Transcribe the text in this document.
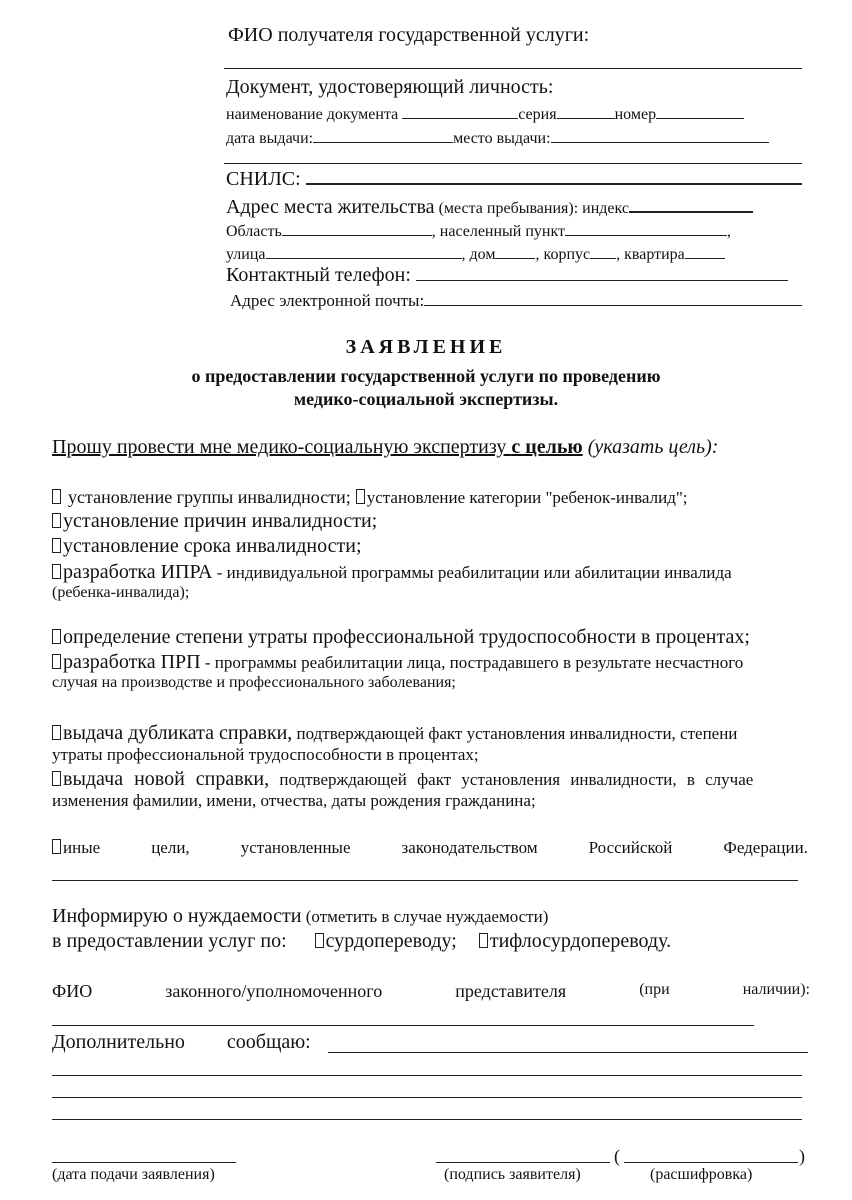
ФИО получателя государственной услуги:
Документ, удостоверяющий личность:
наименование документа	серия	номер
дата выдачи:	место выдачи:
СНИЛС:
Адрес места жительства (места пребывания): индекс
Область	, населенный пункт	,
улица	, дом	, корпус , квартира
Контактный телефон:
Адрес электронной почты:
ЗАЯВЛЕНИЕ
о предоставлении государственной услуги по проведению
медико-социальной экспертизы.
Прошу провести мне медико-социальную экспертизу с целью (указать цель):
установление группы инвалидности; установление категории "ребенок-инвалид";
установление причин инвалидности;
установление срока инвалидности;
разработка ИПРА - индивидуальной программы реабилитации или абилитации инвалида
(ребенка-инвалида);
определение степени утраты профессиональной трудоспособности в процентах;
разработка ПРП - программы реабилитации лица, пострадавшего в результате несчастного
случая на производстве и профессионального заболевания;
выдача дубликата справки, подтверждающей факт установления инвалидности, степени
утраты профессиональной трудоспособности в процентах;
выдача новой справки, подтверждающей факт установления инвалидности, в случае
изменения фамилии, имени, отчества, даты рождения гражданина;
иные	цели,	установленные	законодательством	Российской	Федерации.
Информирую о нуждаемости (отметить в случае нуждаемости)
в предоставлении услуг по: сурдопереводу; тифлосурдопереводу.
ФИО	законного/уполномоченного	представителя	(при	наличии):
Дополнительно сообщаю:
(дата подачи заявления)
(	)
(подпись заявителя)	(расшифровка)
